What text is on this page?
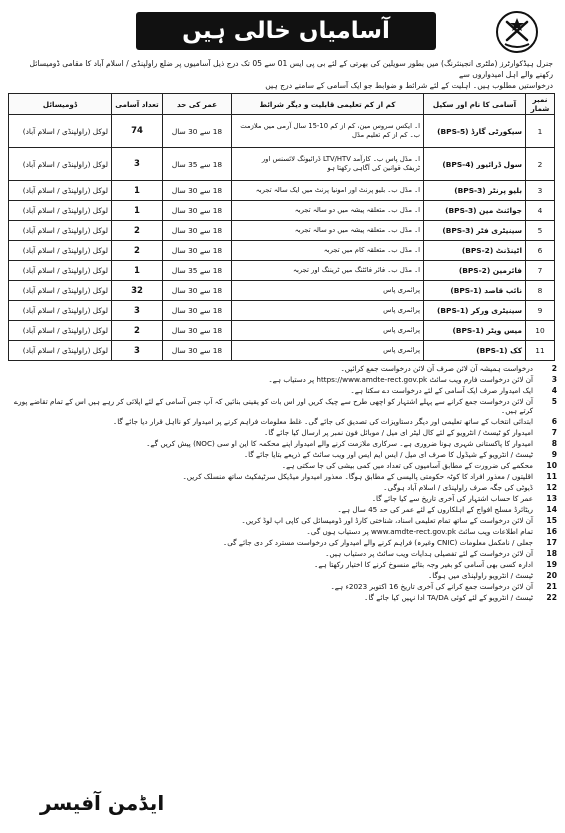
آسامیاں خالی ہیں
جنرل ہیڈکوارٹرز (ملٹری انجینئرنگ) میں بطور سویلین کی بھرتی کے لئے بی پی ایس 01 سے 05 تک درج ذیل آسامیوں پر ضلع راولپنڈی / اسلام آباد کا مقامی ڈومیسائل رکھنے والے اہل امیدواروں سے
درخواستیں مطلوب ہیں۔ اہلیت کے لئے شرائط و ضوابط جو ایک آسامی کے سامنے درج ہیں
نمبر شمار	آسامی کا نام اور سکیل	کم از کم تعلیمی قابلیت و دیگر شرائط	عمر کی حد	تعداد آسامی	ڈومیسائل
1	سیکورٹی گارڈ (BPS-5)	ا۔ ایکس سروس مین، کم از کم 10-15 سال آرمی میں ملازمت
ب۔ کم از کم تعلیم مڈل	18 سے 30 سال	74	لوکل (راولپنڈی / اسلام آباد)
2	سول ڈرائیور (BPS-4)	ا۔ مڈل پاس ب۔ کارآمد LTV/HTV ڈرائیونگ لائسنس اور
ٹریفک قوانین کی آگاہی رکھتا ہو	18 سے 35 سال	3	لوکل (راولپنڈی / اسلام آباد)
3	بلیو پرنٹر (BPS-3)	ا۔ مڈل ب۔ بلیو پرنٹ اور امونیا پرنٹ میں ایک سالہ تجربہ	18 سے 30 سال	1	لوکل (راولپنڈی / اسلام آباد)
4	جوائنٹ مین (BPS-3)	ا۔ مڈل ب۔ متعلقہ پیشہ میں دو سالہ تجربہ	18 سے 30 سال	1	لوکل (راولپنڈی / اسلام آباد)
5	سینیٹری فٹر (BPS-3)	ا۔ مڈل ب۔ متعلقہ پیشہ میں دو سالہ تجربہ	18 سے 30 سال	2	لوکل (راولپنڈی / اسلام آباد)
6	اٹینڈنٹ (BPS-2)	ا۔ مڈل ب۔ متعلقہ کام میں تجربہ	18 سے 30 سال	2	لوکل (راولپنڈی / اسلام آباد)
7	فائرمین (BPS-2)	ا۔ مڈل ب۔ فائر فائٹنگ میں ٹریننگ اور تجربہ	18 سے 35 سال	1	لوکل (راولپنڈی / اسلام آباد)
8	نائب قاصد (BPS-1)	پرائمری پاس	18 سے 30 سال	32	لوکل (راولپنڈی / اسلام آباد)
9	سینیٹری ورکر (BPS-1)	پرائمری پاس	18 سے 30 سال	3	لوکل (راولپنڈی / اسلام آباد)
10	میس ویٹر (BPS-1)	پرائمری پاس	18 سے 30 سال	2	لوکل (راولپنڈی / اسلام آباد)
11	کک (BPS-1)	پرائمری پاس	18 سے 30 سال	3	لوکل (راولپنڈی / اسلام آباد)
2
درخواست ہمیشہ آن لائن صرف آن لائن درخواست جمع کرائیں۔
3
آن لائن درخواست فارم ویب سائٹ https://www.amdte-rect.gov.pk پر دستیاب ہے۔
4
ایک امیدوار صرف ایک آسامی کے لئے درخواست دے سکتا ہے۔
5
آن لائن درخواست جمع کرانے سے پہلے اشتہار کو اچھی طرح سے چیک کریں اور اس بات کو یقینی بنائیں کہ آپ جس آسامی کے لئے اپلائی کر رہے ہیں اس کے تمام تقاضے پورے کرتے ہیں۔
6
ابتدائی انتخاب کے ساتھ تعلیمی اور دیگر دستاویزات کی تصدیق کی جائے گی۔ غلط معلومات فراہم کرنے پر امیدوار کو نااہل قرار دیا جائے گا۔
7
امیدوار کو ٹیسٹ / انٹرویو کے لئے کال لیٹر ای میل / موبائل فون نمبر پر ارسال کیا جائے گا۔
8
امیدوار کا پاکستانی شہری ہونا ضروری ہے۔ سرکاری ملازمت کرنے والے امیدوار اپنے محکمہ کا این او سی (NOC) پیش کریں گے۔
9
ٹیسٹ / انٹرویو کے شیڈول کا صرف ای میل / ایس ایم ایس اور ویب سائٹ کے ذریعے بتایا جائے گا۔
10
محکمے کی ضرورت کے مطابق آسامیوں کی تعداد میں کمی بیشی کی جا سکتی ہے۔
11
اقلیتوں / معذور افراد کا کوٹہ حکومتی پالیسی کے مطابق ہوگا۔ معذور امیدوار میڈیکل سرٹیفکیٹ ساتھ منسلک کریں۔
12
ڈیوٹی کی جگہ صرف راولپنڈی / اسلام آباد ہوگی۔
13
عمر کا حساب اشتہار کی آخری تاریخ سے کیا جائے گا۔
14
ریٹائرڈ مسلح افواج کے اہلکاروں کے لئے عمر کی حد 45 سال ہے۔
15
آن لائن درخواست کے ساتھ تمام تعلیمی اسناد، شناختی کارڈ اور ڈومیسائل کی کاپی اپ لوڈ کریں۔
16
تمام اطلاعات ویب سائٹ www.amdte-rect.gov.pk پر دستیاب ہوں گی۔
17
جعلی / نامکمل معلومات (CNIC وغیرہ) فراہم کرنے والے امیدوار کی درخواست مسترد کر دی جائے گی۔
18
آن لائن درخواست کے لئے تفصیلی ہدایات ویب سائٹ پر دستیاب ہیں۔
19
ادارہ کسی بھی آسامی کو بغیر وجہ بتائے منسوخ کرنے کا اختیار رکھتا ہے۔
20
ٹیسٹ / انٹرویو راولپنڈی میں ہوگا۔
21
آن لائن درخواست جمع کرانے کی آخری تاریخ 16 اکتوبر 2023ء ہے۔
22
ٹیسٹ / انٹرویو کے لئے کوئی TA/DA ادا نہیں کیا جائے گا۔
ایڈمن آفیسر
